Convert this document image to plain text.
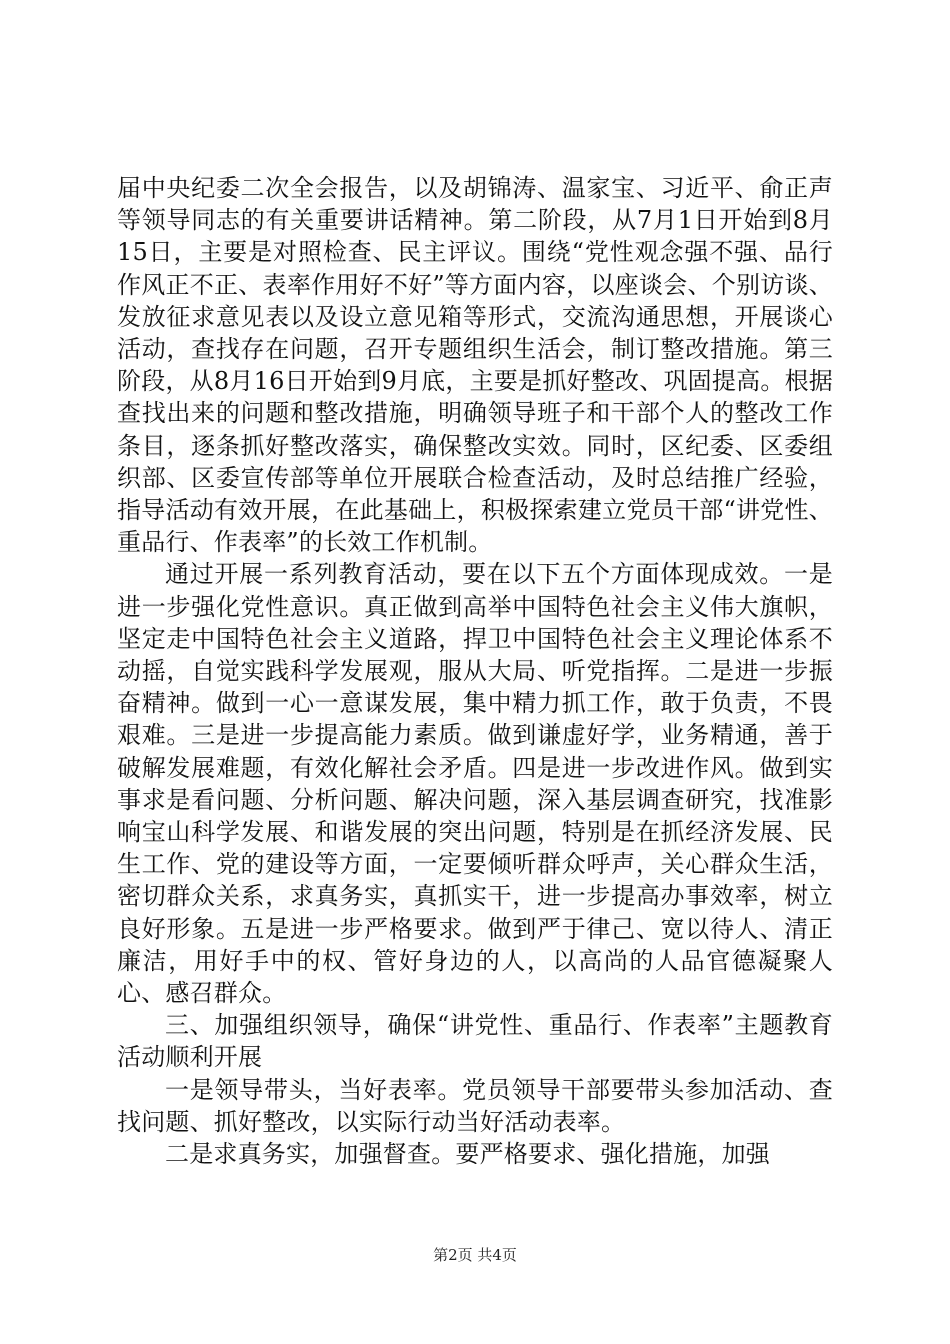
届中央纪委二次全会报告，以及胡锦涛、温家宝、习近平、俞正声等领导同志的有关重要讲话精神。第二阶段，从7月1日开始到8月15日，主要是对照检查、民主评议。围绕“党性观念强不强、品行作风正不正、表率作用好不好”等方面内容，以座谈会、个别访谈、发放征求意见表以及设立意见箱等形式，交流沟通思想，开展谈心活动，查找存在问题，召开专题组织生活会，制订整改措施。第三阶段，从8月16日开始到9月底，主要是抓好整改、巩固提高。根据查找出来的问题和整改措施，明确领导班子和干部个人的整改工作条目，逐条抓好整改落实，确保整改实效。同时，区纪委、区委组织部、区委宣传部等单位开展联合检查活动，及时总结推广经验，指导活动有效开展，在此基础上，积极探索建立党员干部“讲党性、重品行、作表率”的长效工作机制。

通过开展一系列教育活动，要在以下五个方面体现成效。一是进一步强化党性意识。真正做到高举中国特色社会主义伟大旗帜，坚定走中国特色社会主义道路，捍卫中国特色社会主义理论体系不动摇，自觉实践科学发展观，服从大局、听党指挥。二是进一步振奋精神。做到一心一意谋发展，集中精力抓工作，敢于负责，不畏艰难。三是进一步提高能力素质。做到谦虚好学，业务精通，善于破解发展难题，有效化解社会矛盾。四是进一步改进作风。做到实事求是看问题、分析问题、解决问题，深入基层调查研究，找准影响宝山科学发展、和谐发展的突出问题，特别是在抓经济发展、民生工作、党的建设等方面，一定要倾听群众呼声，关心群众生活，密切群众关系，求真务实，真抓实干，进一步提高办事效率，树立良好形象。五是进一步严格要求。做到严于律己、宽以待人、清正廉洁，用好手中的权、管好身边的人，以高尚的人品官德凝聚人心、感召群众。

三、加强组织领导，确保“讲党性、重品行、作表率”主题教育活动顺利开展

一是领导带头，当好表率。党员领导干部要带头参加活动、查找问题、抓好整改，以实际行动当好活动表率。

二是求真务实，加强督查。要严格要求、强化措施，加强

第2页 共4页
